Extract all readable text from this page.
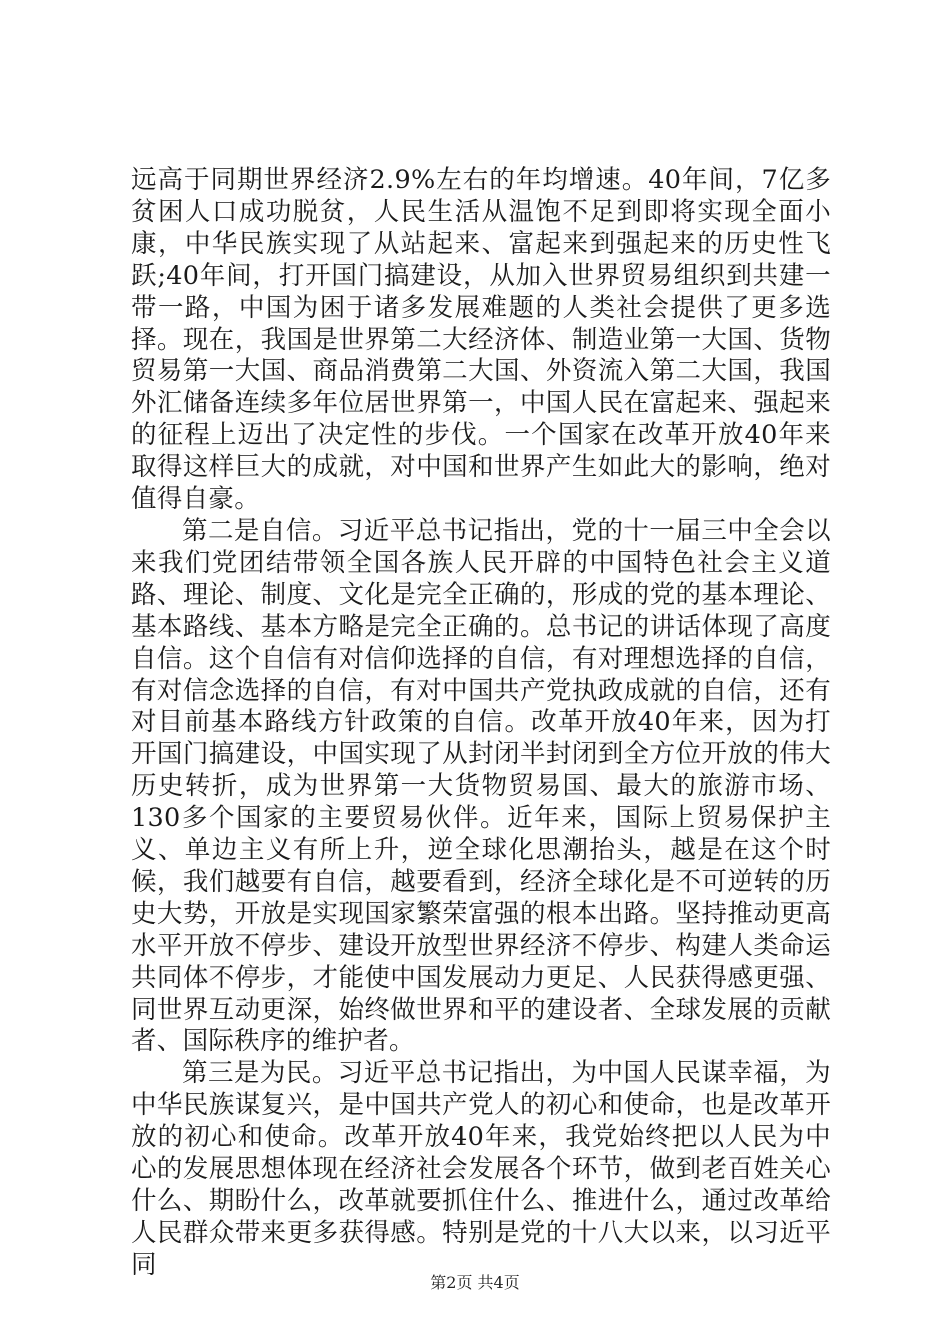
远高于同期世界经济2.9%左右的年均增速。40年间，7亿多贫困人口成功脱贫，人民生活从温饱不足到即将实现全面小康，中华民族实现了从站起来、富起来到强起来的历史性飞跃;40年间，打开国门搞建设，从加入世界贸易组织到共建一带一路，中国为困于诸多发展难题的人类社会提供了更多选择。现在，我国是世界第二大经济体、制造业第一大国、货物贸易第一大国、商品消费第二大国、外资流入第二大国，我国外汇储备连续多年位居世界第一，中国人民在富起来、强起来的征程上迈出了决定性的步伐。一个国家在改革开放40年来取得这样巨大的成就，对中国和世界产生如此大的影响，绝对值得自豪。

第二是自信。习近平总书记指出，党的十一届三中全会以来我们党团结带领全国各族人民开辟的中国特色社会主义道路、理论、制度、文化是完全正确的，形成的党的基本理论、基本路线、基本方略是完全正确的。总书记的讲话体现了高度自信。这个自信有对信仰选择的自信，有对理想选择的自信，有对信念选择的自信，有对中国共产党执政成就的自信，还有对目前基本路线方针政策的自信。改革开放40年来，因为打开国门搞建设，中国实现了从封闭半封闭到全方位开放的伟大历史转折，成为世界第一大货物贸易国、最大的旅游市场、130多个国家的主要贸易伙伴。近年来，国际上贸易保护主义、单边主义有所上升，逆全球化思潮抬头，越是在这个时候，我们越要有自信，越要看到，经济全球化是不可逆转的历史大势，开放是实现国家繁荣富强的根本出路。坚持推动更高水平开放不停步、建设开放型世界经济不停步、构建人类命运共同体不停步，才能使中国发展动力更足、人民获得感更强、同世界互动更深，始终做世界和平的建设者、全球发展的贡献者、国际秩序的维护者。

第三是为民。习近平总书记指出，为中国人民谋幸福，为中华民族谋复兴，是中国共产党人的初心和使命，也是改革开放的初心和使命。改革开放40年来，我党始终把以人民为中心的发展思想体现在经济社会发展各个环节，做到老百姓关心什么、期盼什么，改革就要抓住什么、推进什么，通过改革给人民群众带来更多获得感。特别是党的十八大以来，以习近平同

第2页 共4页
